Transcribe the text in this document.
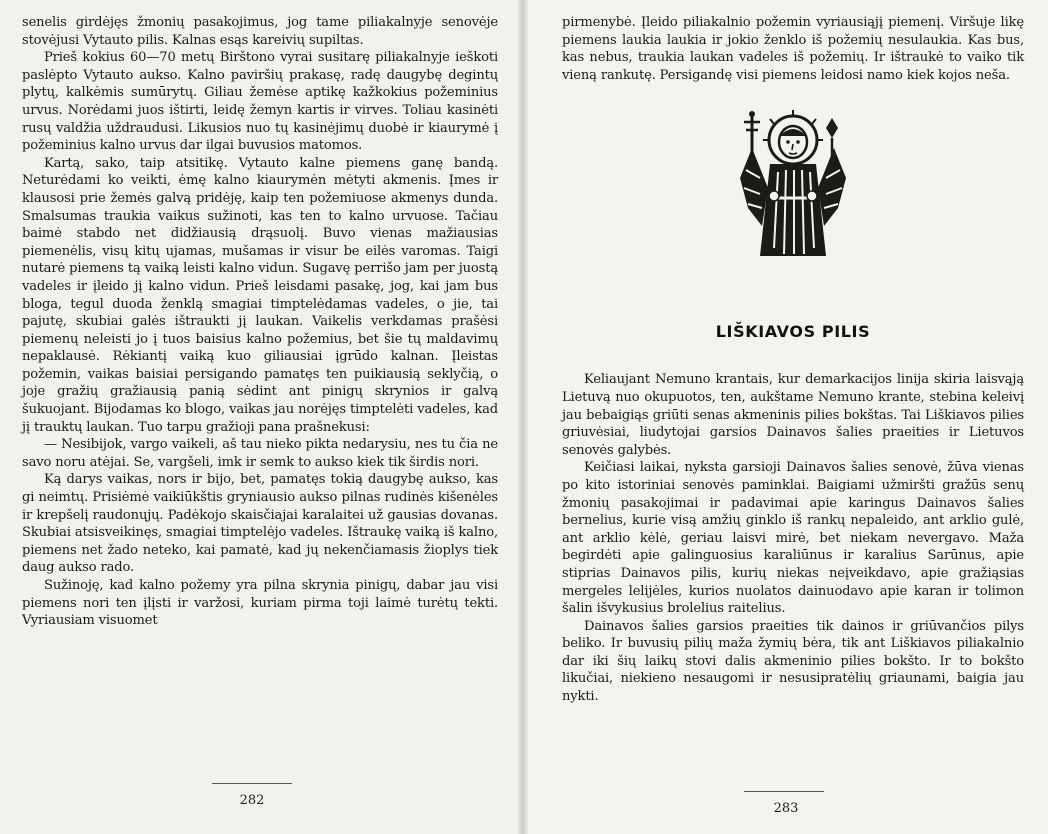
senelis girdėjęs žmonių pasakojimus, jog tame piliakalnyje senovėje stovėjusi Vytauto pilis. Kalnas esąs kareivių supiltas.

Prieš kokius 60—70 metų Birštono vyrai susitarę piliakalnyje ieškoti paslėpto Vytauto aukso. Kalno paviršių prakasę, radę daugybę degintų plytų, kalkėmis sumūrytų. Giliau žemėse aptikę kažkokius požeminius urvus. Norėdami juos ištirti, leidę žemyn kartis ir virves. Toliau kasinėti rusų valdžia uždraudusi. Likusios nuo tų kasinėjimų duobė ir kiaurymė į požeminius kalno urvus dar ilgai buvusios matomos.

Kartą, sako, taip atsitikę. Vytauto kalne piemens ganę bandą. Neturėdami ko veikti, ėmę kalno kiaurymėn mėtyti akmenis. Įmes ir klausosi prie žemės galvą pridėję, kaip ten požemiuose akmenys dunda. Smalsumas traukia vaikus sužinoti, kas ten to kalno urvuose. Tačiau baimė stabdo net didžiausią drąsuolį. Buvo vienas mažiausias piemenėlis, visų kitų ujamas, mušamas ir visur be eilės varomas. Taigi nutarė piemens tą vaiką leisti kalno vidun. Sugavę perrišo jam per juostą vadeles ir įleido jį kalno vidun. Prieš leisdami pasakę, jog, kai jam bus bloga, tegul duoda ženklą smagiai timptelėdamas vadeles, o jie, tai pajutę, skubiai galės ištraukti jį laukan. Vaikelis verkdamas prašėsi piemenų neleisti jo į tuos baisius kalno požemius, bet šie tų maldavimų nepaklausė. Rėkiantį vaiką kuo giliausiai įgrūdo kalnan. Įleistas požemin, vaikas baisiai persigando pamatęs ten puikiausią seklyčią, o joje gražių gražiausią panią sėdint ant pinigų skrynios ir galvą šukuojant. Bijodamas ko blogo, vaikas jau norėjęs timptelėti vadeles, kad jį trauktų laukan. Tuo tarpu gražioji pana prašnekusi:

— Nesibijok, vargo vaikeli, aš tau nieko pikta nedarysiu, nes tu čia ne savo noru atėjai. Se, vargšeli, imk ir semk to aukso kiek tik širdis nori.

Ką darys vaikas, nors ir bijo, bet, pamatęs tokią daugybę aukso, kas gi neimtų. Prisiėmė vaikiūkštis gryniausio aukso pilnas rudinės kišenėles ir krepšelį raudonųjų. Padėkojo skaisčiajai karalaitei už gausias dovanas. Skubiai atsisveikinęs, smagiai timptelėjo vadeles. Ištraukę vaiką iš kalno, piemens net žado neteko, kai pamatė, kad jų nekenčiamasis žioplys tiek daug aukso rado.

Sužinoję, kad kalno požemy yra pilna skrynia pinigų, dabar jau visi piemens nori ten įlįsti ir varžosi, kuriam pirma toji laimė turėtų tekti. Vyriausiam visuomet

282

pirmenybė. Įleido piliakalnio požemin vyriausiąjį piemenį. Viršuje likę piemens laukia laukia ir jokio ženklo iš požemių nesulaukia. Kas bus, kas nebus, traukia laukan vadeles iš požemių. Ir ištraukė to vaiko tik vieną rankutę. Persigandę visi piemens leidosi namo kiek kojos neša.

LIŠKIAVOS PILIS

Keliaujant Nemuno krantais, kur demarkacijos linija skiria laisvąją Lietuvą nuo okupuotos, ten, aukštame Nemuno krante, stebina keleivį jau bebaigiąs griūti senas akmeninis pilies bokštas. Tai Liškiavos pilies griuvėsiai, liudytojai garsios Dainavos šalies praeities ir Lietuvos senovės galybės.

Keičiasi laikai, nyksta garsioji Dainavos šalies senovė, žūva vienas po kito istoriniai senovės paminklai. Baigiami užmiršti gražūs senų žmonių pasakojimai ir padavimai apie karingus Dainavos šalies bernelius, kurie visą amžių ginklo iš rankų nepaleido, ant arklio gulė, ant arklio kėlė, geriau laisvi mirė, bet niekam nevergavo. Maža begirdėti apie galinguosius karaliūnus ir karalius Sarūnus, apie stiprias Dainavos pilis, kurių niekas neįveikdavo, apie gražiąsias mergeles lelijėles, kurios nuolatos dainuodavo apie karan ir tolimon šalin išvykusius brolelius raitelius.

Dainavos šalies garsios praeities tik dainos ir griūvančios pilys beliko. Ir buvusių pilių maža žymių bėra, tik ant Liškiavos piliakalnio dar iki šių laikų stovi dalis akmeninio pilies bokšto. Ir to bokšto likučiai, niekieno nesaugomi ir nesusipratėlių griaunami, baigia jau nykti.

283
